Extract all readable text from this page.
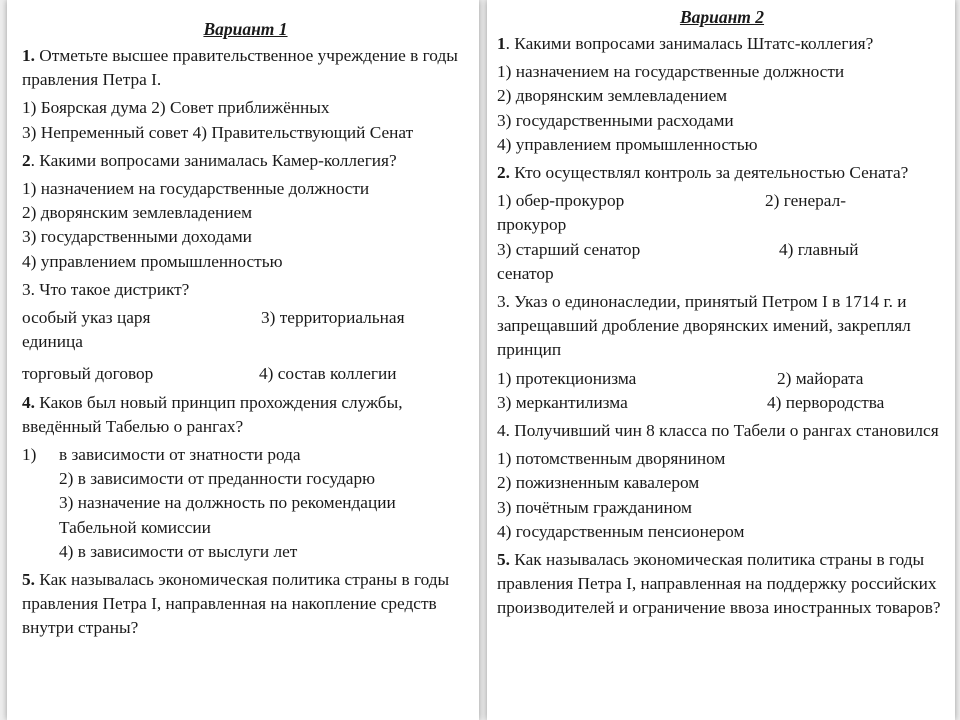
Вариант 1
1. Отметьте высшее правительственное учреждение в годы правления Петра I.
1) Боярская дума 2) Совет приближённых
3) Непременный совет 4) Правительствующий Сенат
2. Какими вопросами занималась Камер-коллегия?
1) назначением на государственные должности
2) дворянским землевладением
3) государственными доходами
4) управлением промышленностью
3. Что такое дистрикт?
особый указ царя	3) территориальная
единица
торговый договор	4) состав коллегии
4. Каков был новый принцип прохождения службы, введённый Табелью о рангах?
1)	в зависимости от знатности рода
2) в зависимости от преданности государю
3) назначение на должность по рекомендации Табельной комиссии
4) в зависимости от выслуги лет
5. Как называлась экономическая политика страны в годы правления Петра I, направленная на накопление средств внутри страны?
Вариант 2
1. Какими вопросами занималась Штатс-коллегия?
1) назначением на государственные должности
2) дворянским землевладением
3) государственными расходами
4) управлением промышленностью
2. Кто осуществлял контроль за деятельностью Сената?
1) обер-прокурор	2) генерал-
прокурор
3) старший сенатор	4) главный
сенатор
3. Указ о единонаследии, принятый Петром I в 1714 г. и запрещавший дробление дворянских имений, закреплял принцип
1) протекционизма	2) майората
3) меркантилизма	4) первородства
4. Получивший чин 8 класса по Табели о рангах становился
1) потомственным дворянином
2) пожизненным кавалером
3) почётным гражданином
4) государственным пенсионером
5. Как называлась экономическая политика страны в годы правления Петра I, направленная на поддержку российских производителей и ограничение ввоза иностранных товаров?
